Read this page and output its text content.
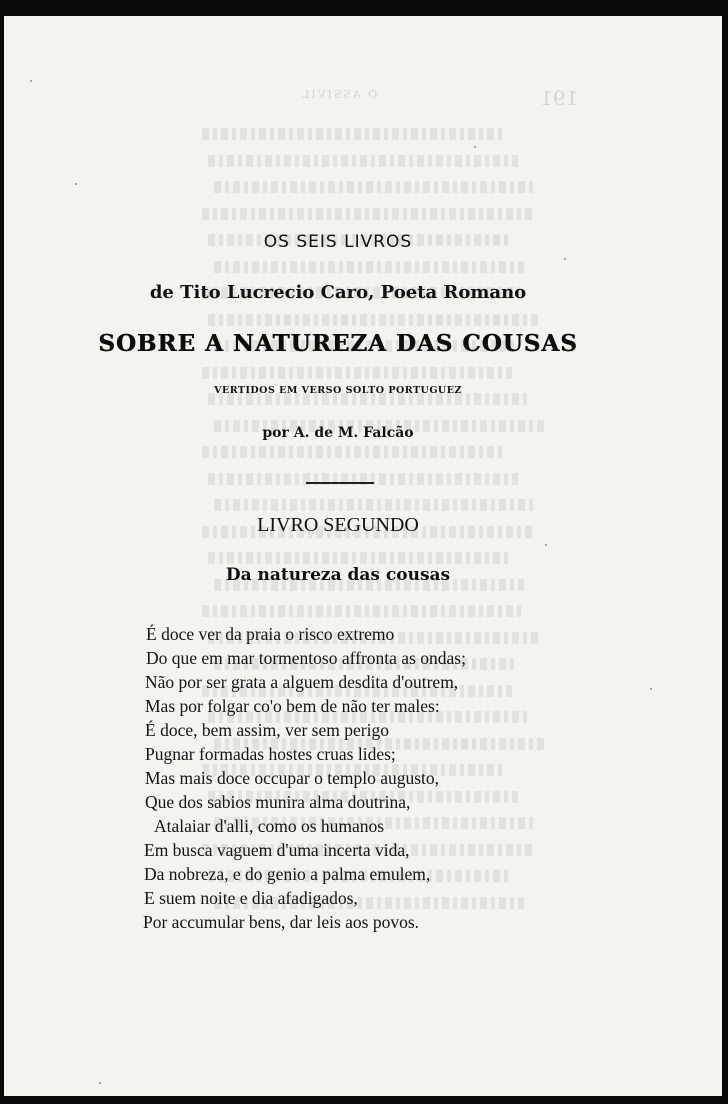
O ASSIVIL	191
OS SEIS LIVROS
de Tito Lucrecio Caro, Poeta Romano
SOBRE A NATUREZA DAS COUSAS
VERTIDOS EM VERSO SOLTO PORTUGUEZ
por A. de M. Falcão
LIVRO SEGUNDO
Da natureza das cousas
É doce ver da praia o risco extremo
Do que em mar tormentoso affronta as ondas;
Não por ser grata a alguem desdita d'outrem,
Mas por folgar co'o bem de não ter males:
É doce, bem assim, ver sem perigo
Pugnar formadas hostes cruas lides;
Mas mais doce occupar o templo augusto,
Que dos sabios munira alma doutrina,
Atalaiar d'alli, como os humanos
Em busca vaguem d'uma incerta vida,
Da nobreza, e do genio a palma emulem,
E suem noite e dia afadigados,
Por accumular bens, dar leis aos povos.
